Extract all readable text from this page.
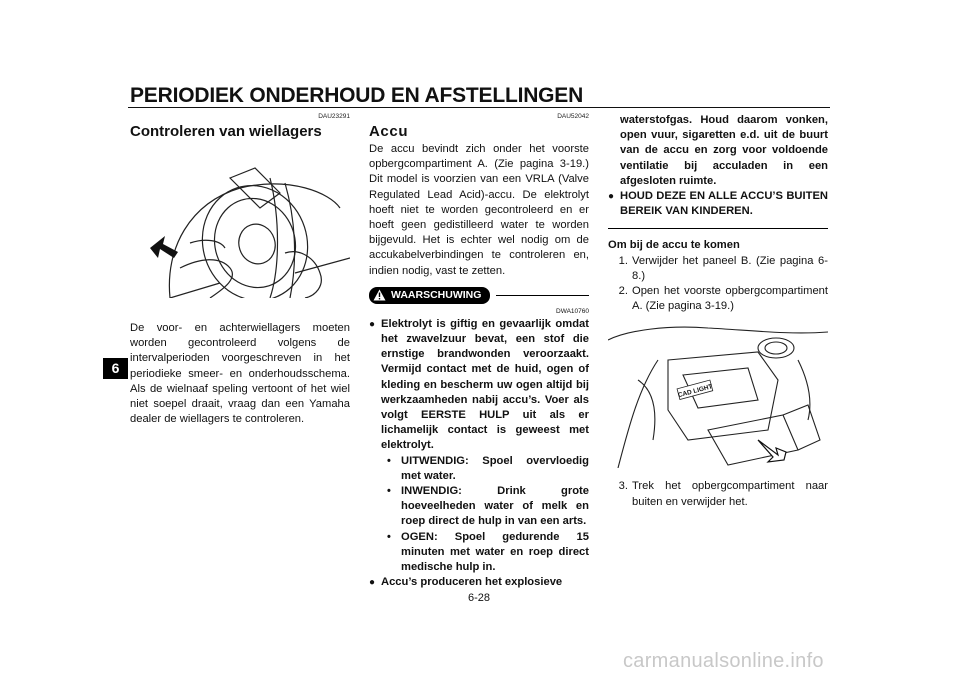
PERIODIEK ONDERHOUD EN AFSTELLINGEN
6
DAU23291
Controleren van wiellagers

De voor- en achterwiellagers moeten worden gecontroleerd volgens de intervalperioden voorgeschreven in het periodieke smeer- en onderhoudsschema. Als de wielnaaf speling vertoont of het wiel niet soepel draait, vraag dan een Yamaha dealer de wiellagers te controleren.

DAU52042
Accu

De accu bevindt zich onder het voorste opbergcompartiment A. (Zie pagina 3-19.) Dit model is voorzien van een VRLA (Valve Regulated Lead Acid)-accu. De elektrolyt hoeft niet te worden gecontroleerd en er hoeft geen gedistilleerd water te worden bijgevuld. Het is echter wel nodig om de accukabelverbindingen te controleren en, indien nodig, vast te zetten.

WAARSCHUWING
DWA10760
● Elektrolyt is giftig en gevaarlijk omdat het zwavelzuur bevat, een stof die ernstige brandwonden veroorzaakt. Vermijd contact met de huid, ogen of kleding en bescherm uw ogen altijd bij werkzaamheden nabij accu’s. Voer als volgt EERSTE HULP uit als er lichamelijk contact is geweest met elektrolyt.
• UITWENDIG: Spoel overvloedig met water.
• INWENDIG: Drink grote hoeveelheden water of melk en roep direct de hulp in van een arts.
• OGEN: Spoel gedurende 15 minuten met water en roep direct medische hulp in.
● Accu’s produceren het explosieve
waterstofgas. Houd daarom vonken, open vuur, sigaretten e.d. uit de buurt van de accu en zorg voor voldoende ventilatie bij acculaden in een afgesloten ruimte.
● HOUD DEZE EN ALLE ACCU’S BUITEN BEREIK VAN KINDEREN.
Om bij de accu te komen
1. Verwijder het paneel B. (Zie pagina 6-8.)
2. Open het voorste opbergcompartiment A. (Zie pagina 3-19.)
CAD LIGHT
3. Trek het opbergcompartiment naar buiten en verwijder het.
6-28
carmanualsonline.info
